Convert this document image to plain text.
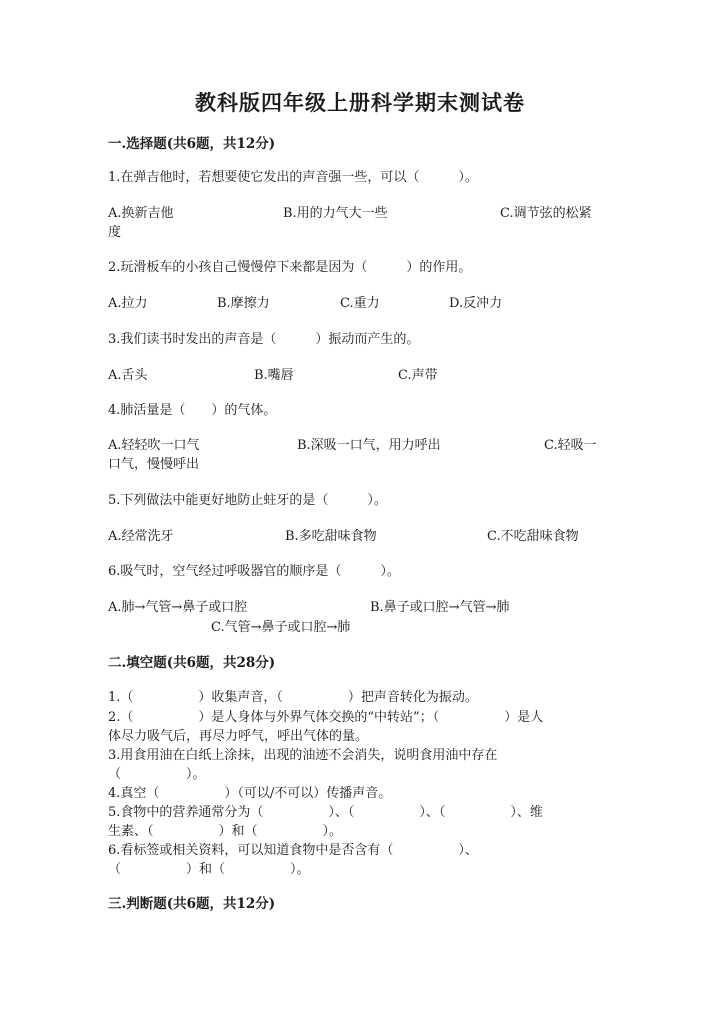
教科版四年级上册科学期末测试卷
一.选择题(共6题，共12分)
1.在弹吉他时，若想要使它发出的声音强一些，可以（　　　）。
A.换新吉他	B.用的力气大一些	C.调节弦的松紧
度
2.玩滑板车的小孩自己慢慢停下来都是因为（　　　）的作用。
A.拉力	B.摩擦力	C.重力	D.反冲力
3.我们读书时发出的声音是（　　　）振动而产生的。
A.舌头	B.嘴唇	C.声带
4.肺活量是（　　）的气体。
A.轻轻吹一口气	B.深吸一口气，用力呼出	C.轻吸一
口气，慢慢呼出
5.下列做法中能更好地防止蛀牙的是（　　　）。
A.经常洗牙	B.多吃甜味食物	C.不吃甜味食物
6.吸气时，空气经过呼吸器官的顺序是（　　　）。
A.肺→气管→鼻子或口腔	B.鼻子或口腔→气管→肺
C.气管→鼻子或口腔→肺
二.填空题(共6题，共28分)
1.（　　　　　）收集声音，（　　　　　）把声音转化为振动。
2.（　　　　　）是人身体与外界气体交换的“中转站”；（　　　　　）是人
体尽力吸气后，再尽力呼气，呼出气体的量。
3.用食用油在白纸上涂抹，出现的油迹不会消失，说明食用油中存在
（　　　　　）。
4.真空（　　　　　）（可以/不可以）传播声音。
5.食物中的营养通常分为（　　　　　）、（　　　　　）、（　　　　　）、维
生素、（　　　　　）和（　　　　　）。
6.看标签或相关资料，可以知道食物中是否含有（　　　　　）、
（　　　　　）和（　　　　　）。
三.判断题(共6题，共12分)
